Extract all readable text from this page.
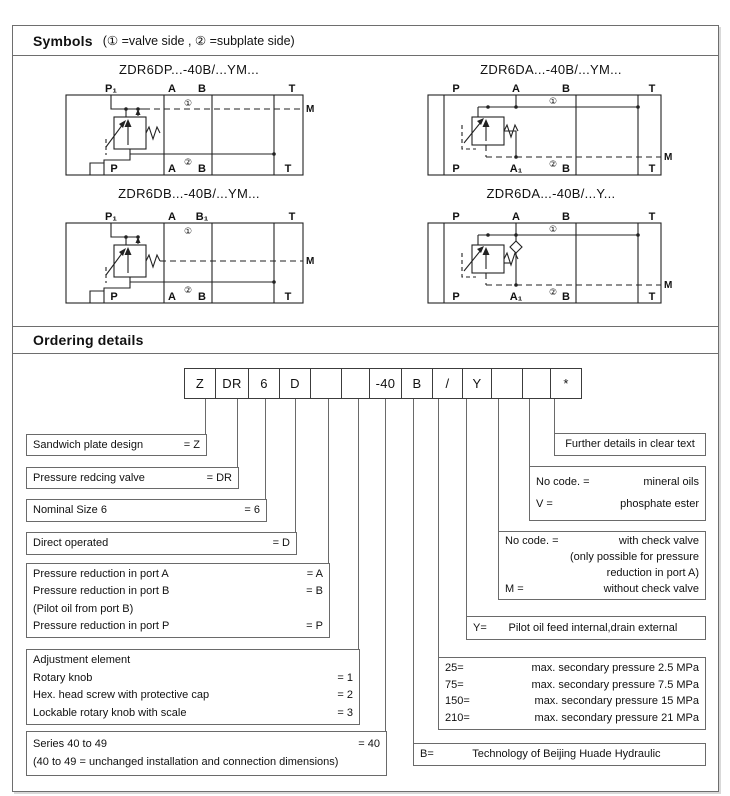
Symbols (① =valve side , ② =subplate side)
ZDR6DP...-40B/...YM...	ZDR6DA...-40B/...YM...
ZDR6DB...-40B/...YM...	ZDR6DA...-40B/...Y...
P₁	A B	T
①
②
P	A B	T
M
P	A	B	T
①
②
P	A₁	B	T
M
P₁	A B₁	T
①
②
P	A B	T
M
P	A	B	T
①
②
P	A₁	B	T
M
Ordering details
Z	DR	6	D	-40	B	/	Y	*
Sandwich plate design	= Z
Pressure redcing valve	= DR
Nominal Size 6	= 6
Direct operated	= D
Pressure reduction in port A	= A
Pressure reduction in port B	= B
(Pilot oil from port B)
Pressure reduction in port P	= P
Adjustment element
Rotary knob	= 1
Hex. head screw with protective cap	= 2
Lockable rotary knob with scale	= 3
Series 40 to 49	= 40
(40 to 49 = unchanged installation and connection dimensions)
Further details in clear text
No code. =	mineral oils
V =	phosphate ester
No code. =	with check valve
(only possible for pressure
reduction in port A)
M =	without check valve
Y=	Pilot oil feed internal,drain external
25=	max. secondary pressure 2.5 MPa
75=	max. secondary pressure 7.5 MPa
150=	max. secondary pressure 15 MPa
210=	max. secondary pressure 21 MPa
B=	Technology of Beijing Huade Hydraulic
